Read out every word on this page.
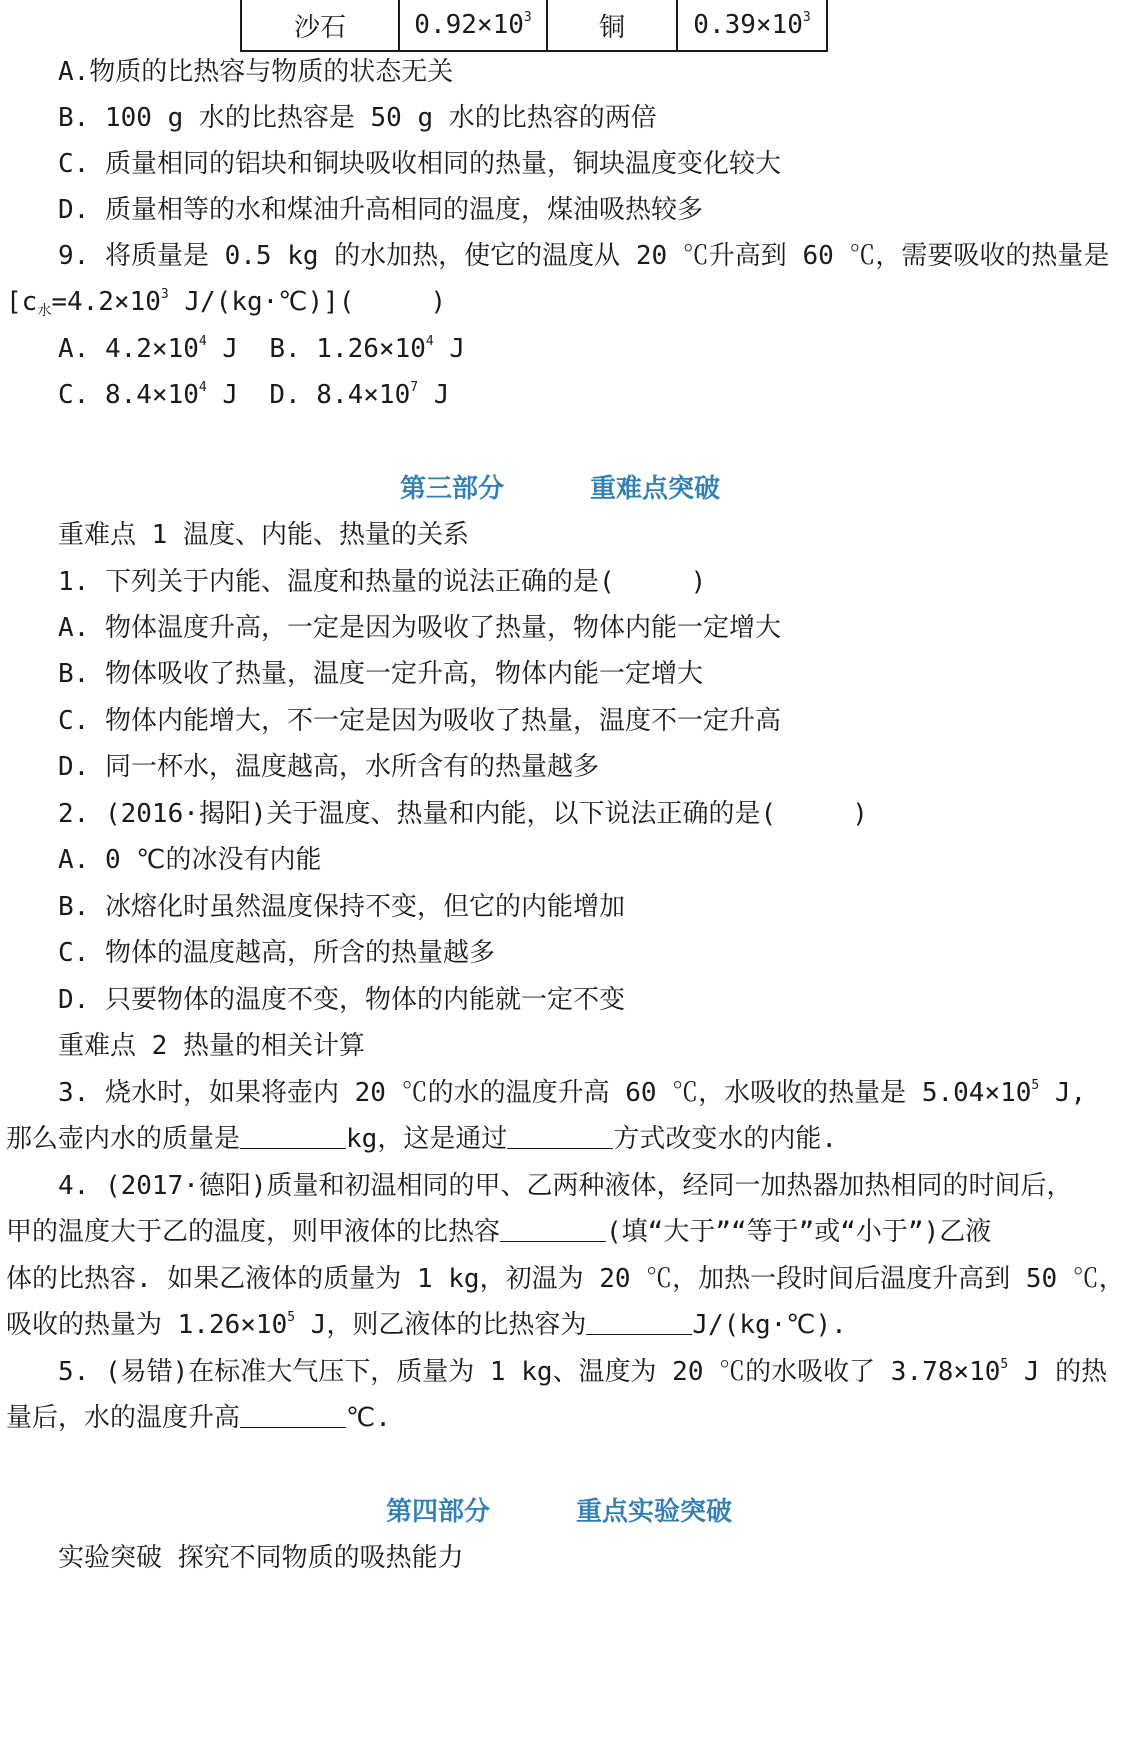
沙石	$0.92\times 10^3$	铜	$0.39\times 10^3$
A.物质的比热容与物质的状态无关
B. 100 g 水的比热容是 50 g 水的比热容的两倍
C. 质量相同的铝块和铜块吸收相同的热量，铜块温度变化较大
D. 质量相等的水和煤油升高相同的温度，煤油吸热较多
9. 将质量是 0.5 kg 的水加热，使它的温度从 20 ℃升高到 60 ℃，需要吸收的热量是
[$c_水=4.2\times 10^3$ J/(kg·℃)](	)
A. $4.2\times 10^4$ J  B. $1.26\times 10^4$ J
C. $8.4\times 10^4$ J  D. $8.4\times 10^7$ J
第三部分	重难点突破
重难点 1 温度、内能、热量的关系
1. 下列关于内能、温度和热量的说法正确的是(	)
A. 物体温度升高，一定是因为吸收了热量，物体内能一定增大
B. 物体吸收了热量，温度一定升高，物体内能一定增大
C. 物体内能增大，不一定是因为吸收了热量，温度不一定升高
D. 同一杯水，温度越高，水所含有的热量越多
2. (2016·揭阳)关于温度、热量和内能，以下说法正确的是(	)
A. 0 ℃的冰没有内能
B. 冰熔化时虽然温度保持不变，但它的内能增加
C. 物体的温度越高，所含的热量越多
D. 只要物体的温度不变，物体的内能就一定不变
重难点 2 热量的相关计算
3. 烧水时，如果将壶内 20 ℃的水的温度升高 60 ℃，水吸收的热量是 $5.04\times 10^5$ J,
那么壶内水的质量是	kg，这是通过	方式改变水的内能.
4. (2017·德阳)质量和初温相同的甲、乙两种液体，经同一加热器加热相同的时间后，
甲的温度大于乙的温度，则甲液体的比热容	(填“大于”“等于”或“小于”)乙液
体的比热容. 如果乙液体的质量为 1 kg，初温为 20 ℃，加热一段时间后温度升高到 50 ℃，
吸收的热量为 $1.26\times 10^5$ J，则乙液体的比热容为	J/(kg·℃).
5. (易错)在标准大气压下，质量为 1 kg、温度为 20 ℃的水吸收了 $3.78\times 10^5$ J 的热
量后，水的温度升高	℃.
第四部分	重点实验突破
实验突破 探究不同物质的吸热能力
